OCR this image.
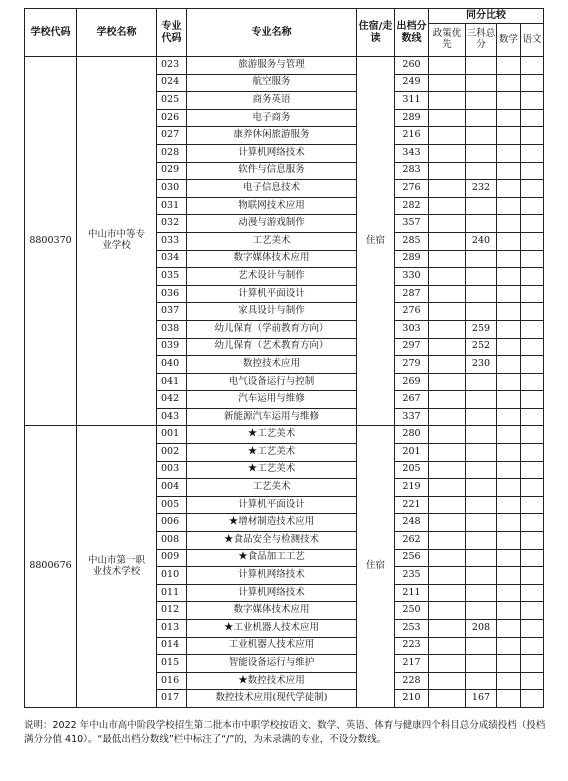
学校代码	学校名称	专业代码	专业名称	住宿/走读	出档分数线	同分比较			
						政策优先	三科总分	数学	语文
8800370	中山市中等专业学校	023	旅游服务与管理	住宿	260				
		024	航空服务		249				
		025	商务英语		311				
		026	电子商务		289				
		027	康养休闲旅游服务		216				
		028	计算机网络技术		343				
		029	软件与信息服务		283				
		030	电子信息技术		276		232		
		031	物联网技术应用		282				
		032	动漫与游戏制作		357				
		033	工艺美术		285		240		
		034	数字媒体技术应用		289				
		035	艺术设计与制作		330				
		036	计算机平面设计		287				
		037	家具设计与制作		276				
		038	幼儿保育（学前教育方向）		303		259		
		039	幼儿保育（艺术教育方向）		297		252		
		040	数控技术应用		279		230		
		041	电气设备运行与控制		269				
		042	汽车运用与维修		267				
		043	新能源汽车运用与维修		337				
8800676	中山市第一职业技术学校	001	★工艺美术	住宿	280				
		002	★工艺美术		201				
		003	★工艺美术		205				
		004	工艺美术		219				
		005	计算机平面设计		221				
		006	★增材制造技术应用		248				
		008	★食品安全与检测技术		262				
		009	★食品加工工艺		256				
		010	计算机网络技术		235				
		011	计算机网络技术		211				
		012	数字媒体技术应用		250				
		013	★工业机器人技术应用		253		208		
		014	工业机器人技术应用		223				
		015	智能设备运行与维护		217				
		016	★数控技术应用		228				
		017	数控技术应用(现代学徒制)		210		167		
说明：2022 年中山市高中阶段学校招生第二批本市中职学校按语文、数学、英语、体育与健康四个科目总分成绩投档（投档满分分值 410）。“最低出档分数线”栏中标注了“/”的，为未录满的专业，不设分数线。
